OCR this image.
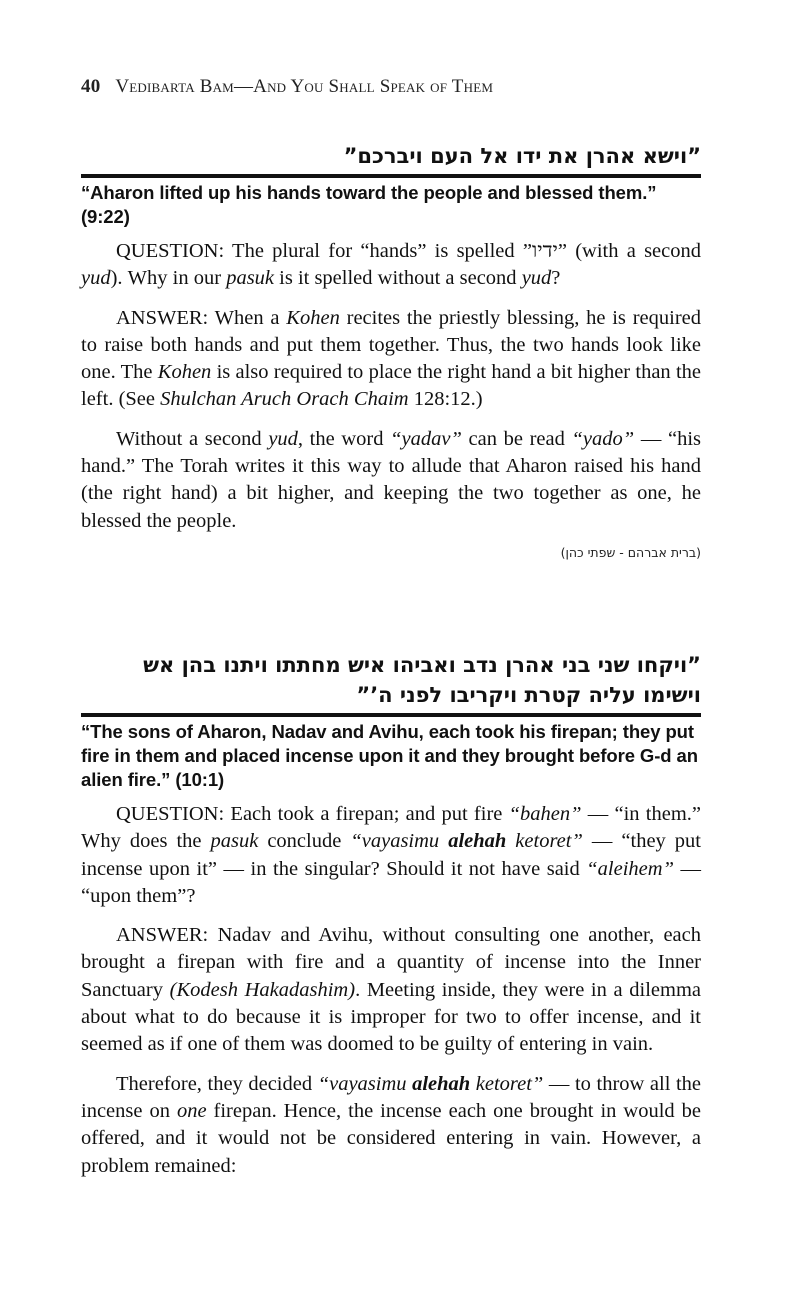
40 Vedibarta Bam—And You Shall Speak of Them
”וישא אהרן את ידו אל העם ויברכם”
“Aharon lifted up his hands toward the people and blessed them.” (9:22)

QUESTION: The plural for “hands” is spelled ”ידיו” (with a second yud). Why in our pasuk is it spelled without a second yud?

ANSWER: When a Kohen recites the priestly blessing, he is required to raise both hands and put them together. Thus, the two hands look like one. The Kohen is also required to place the right hand a bit higher than the left. (See Shulchan Aruch Orach Chaim 128:12.)

Without a second yud, the word “yadav” can be read “yado” — “his hand.” The Torah writes it this way to allude that Aharon raised his hand (the right hand) a bit higher, and keeping the two together as one, he blessed the people.

(ברית אברהם - שפתי כהן)
”ויקחו שני בני אהרן נדב ואביהו איש מחתתו ויתנו בהן אש וישימו עליה קטרת ויקריבו לפני ה’”
“The sons of Aharon, Nadav and Avihu, each took his firepan; they put fire in them and placed incense upon it and they brought before G-d an alien fire.” (10:1)

QUESTION: Each took a firepan; and put fire “bahen” — “in them.” Why does the pasuk conclude “vayasimu alehah ketoret” — “they put incense upon it” — in the singular? Should it not have said “aleihem” — “upon them”?

ANSWER: Nadav and Avihu, without consulting one another, each brought a firepan with fire and a quantity of incense into the Inner Sanctuary (Kodesh Hakadashim). Meeting inside, they were in a dilemma about what to do because it is improper for two to offer incense, and it seemed as if one of them was doomed to be guilty of entering in vain.

Therefore, they decided “vayasimu alehah ketoret” — to throw all the incense on one firepan. Hence, the incense each one brought in would be offered, and it would not be considered entering in vain. However, a problem remained:
